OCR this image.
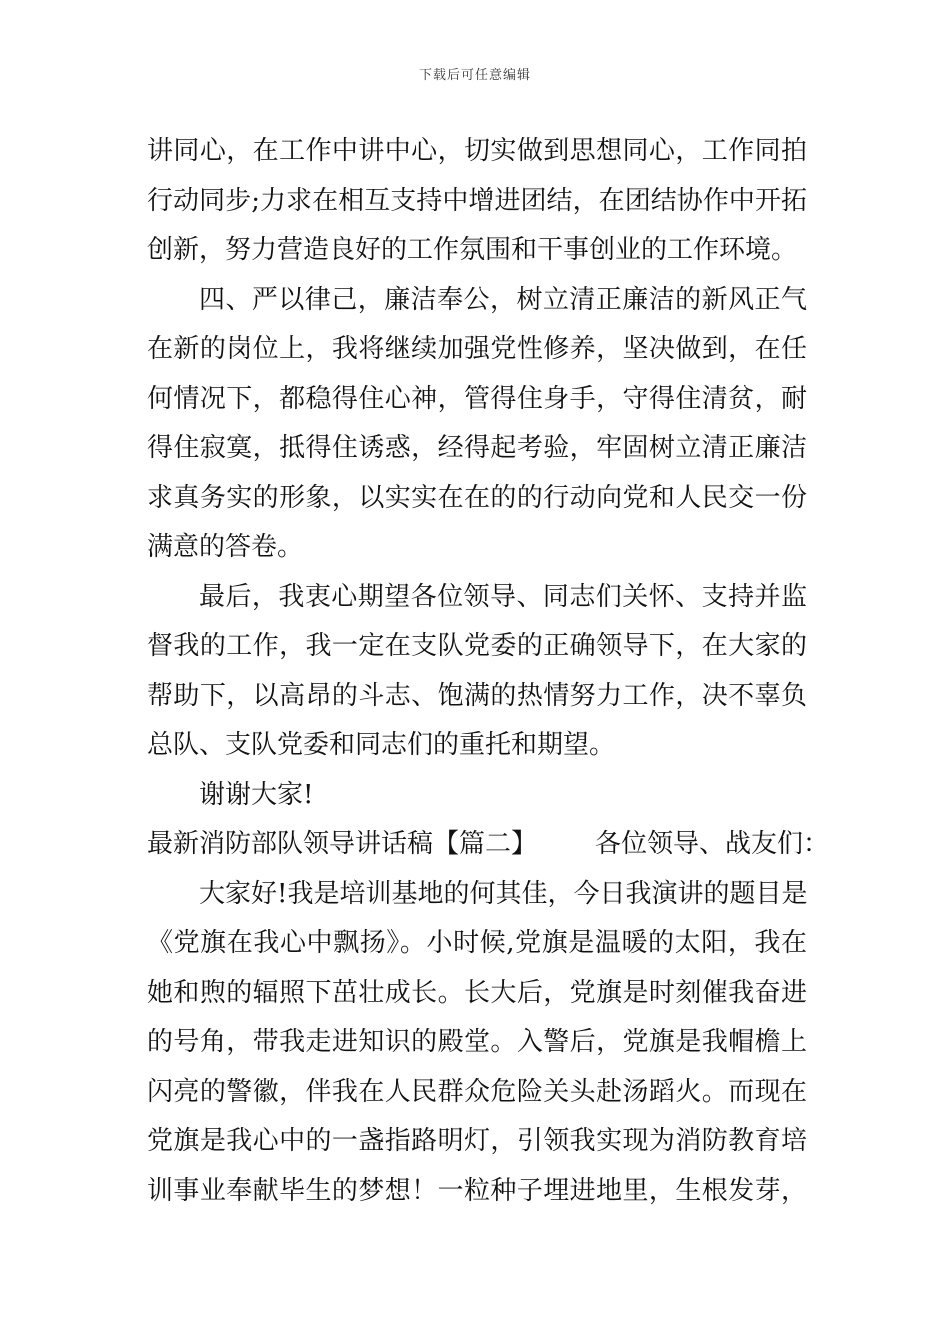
下载后可任意编辑
讲同心，在工作中讲中心，切实做到思想同心，工作同拍
行动同步;力求在相互支持中增进团结，在团结协作中开拓
创新，努力营造良好的工作氛围和干事创业的工作环境。
四、严以律己，廉洁奉公，树立清正廉洁的新风正气
在新的岗位上，我将继续加强党性修养，坚决做到，在任
何情况下，都稳得住心神，管得住身手，守得住清贫，耐
得住寂寞，抵得住诱惑，经得起考验，牢固树立清正廉洁
求真务实的形象，以实实在在的的行动向党和人民交一份
满意的答卷。
最后，我衷心期望各位领导、同志们关怀、支持并监
督我的工作，我一定在支队党委的正确领导下，在大家的
帮助下，以高昂的斗志、饱满的热情努力工作，决不辜负
总队、支队党委和同志们的重托和期望。
谢谢大家!
最新消防部队领导讲话稿【篇二】 各位领导、战友们：
大家好!我是培训基地的何其佳，今日我演讲的题目是
《党旗在我心中飘扬》。小时候,党旗是温暖的太阳，我在
她和煦的辐照下茁壮成长。长大后，党旗是时刻催我奋进
的号角，带我走进知识的殿堂。入警后，党旗是我帽檐上
闪亮的警徽，伴我在人民群众危险关头赴汤蹈火。而现在
党旗是我心中的一盏指路明灯，引领我实现为消防教育培
训事业奉献毕生的梦想！一粒种子埋进地里，生根发芽，
